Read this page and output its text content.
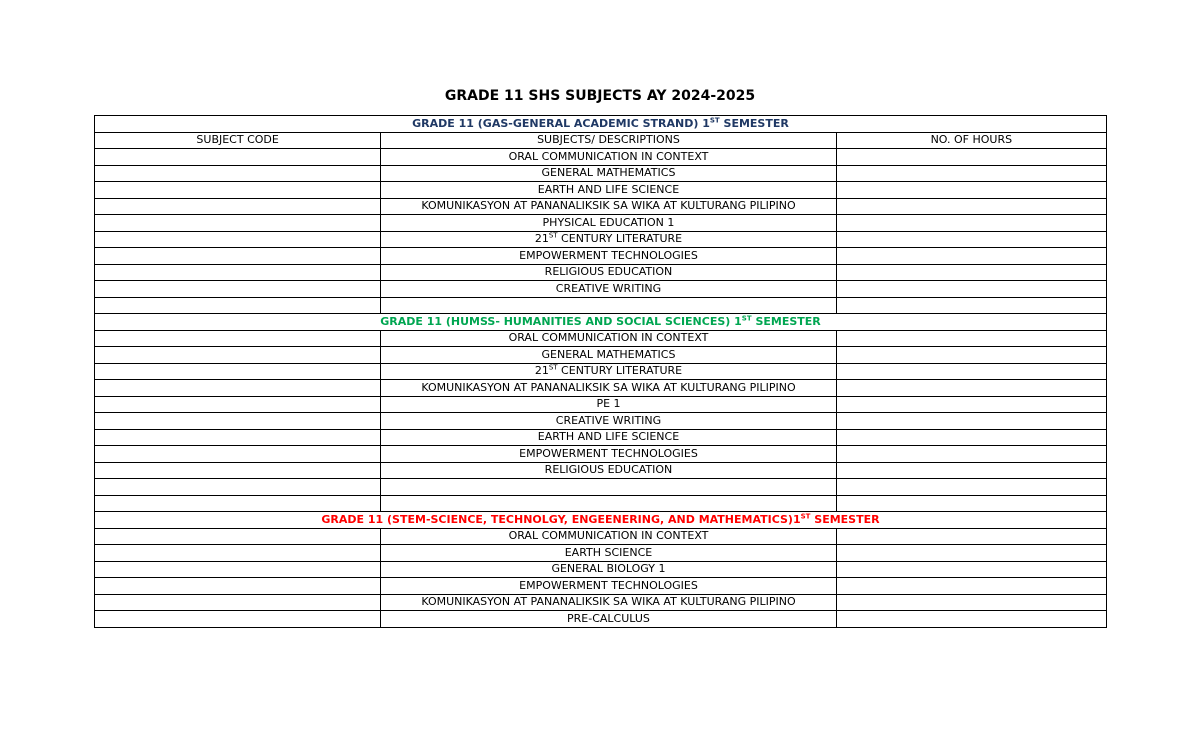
GRADE 11 SHS SUBJECTS AY 2024-2025
GRADE 11 (GAS-GENERAL ACADEMIC STRAND) 1ST SEMESTER		
SUBJECT CODE	SUBJECTS/ DESCRIPTIONS	NO. OF HOURS
	ORAL COMMUNICATION IN CONTEXT	
	GENERAL MATHEMATICS	
	EARTH AND LIFE SCIENCE	
	KOMUNIKASYON AT PANANALIKSIK SA WIKA AT KULTURANG PILIPINO	
	PHYSICAL EDUCATION 1	
	21ST CENTURY LITERATURE	
	EMPOWERMENT TECHNOLOGIES	
	RELIGIOUS EDUCATION	
	CREATIVE WRITING	

GRADE 11 (HUMSS- HUMANITIES AND SOCIAL SCIENCES) 1ST SEMESTER		
	ORAL COMMUNICATION IN CONTEXT	
	GENERAL MATHEMATICS	
	21ST CENTURY LITERATURE	
	KOMUNIKASYON AT PANANALIKSIK SA WIKA AT KULTURANG PILIPINO	
	PE 1	
	CREATIVE WRITING	
	EARTH AND LIFE SCIENCE	
	EMPOWERMENT TECHNOLOGIES	
	RELIGIOUS EDUCATION	

GRADE 11 (STEM-SCIENCE, TECHNOLGY, ENGEENERING, AND MATHEMATICS)1ST SEMESTER		
	ORAL COMMUNICATION IN CONTEXT	
	EARTH SCIENCE	
	GENERAL BIOLOGY 1	
	EMPOWERMENT TECHNOLOGIES	
	KOMUNIKASYON AT PANANALIKSIK SA WIKA AT KULTURANG PILIPINO	
	PRE-CALCULUS	
